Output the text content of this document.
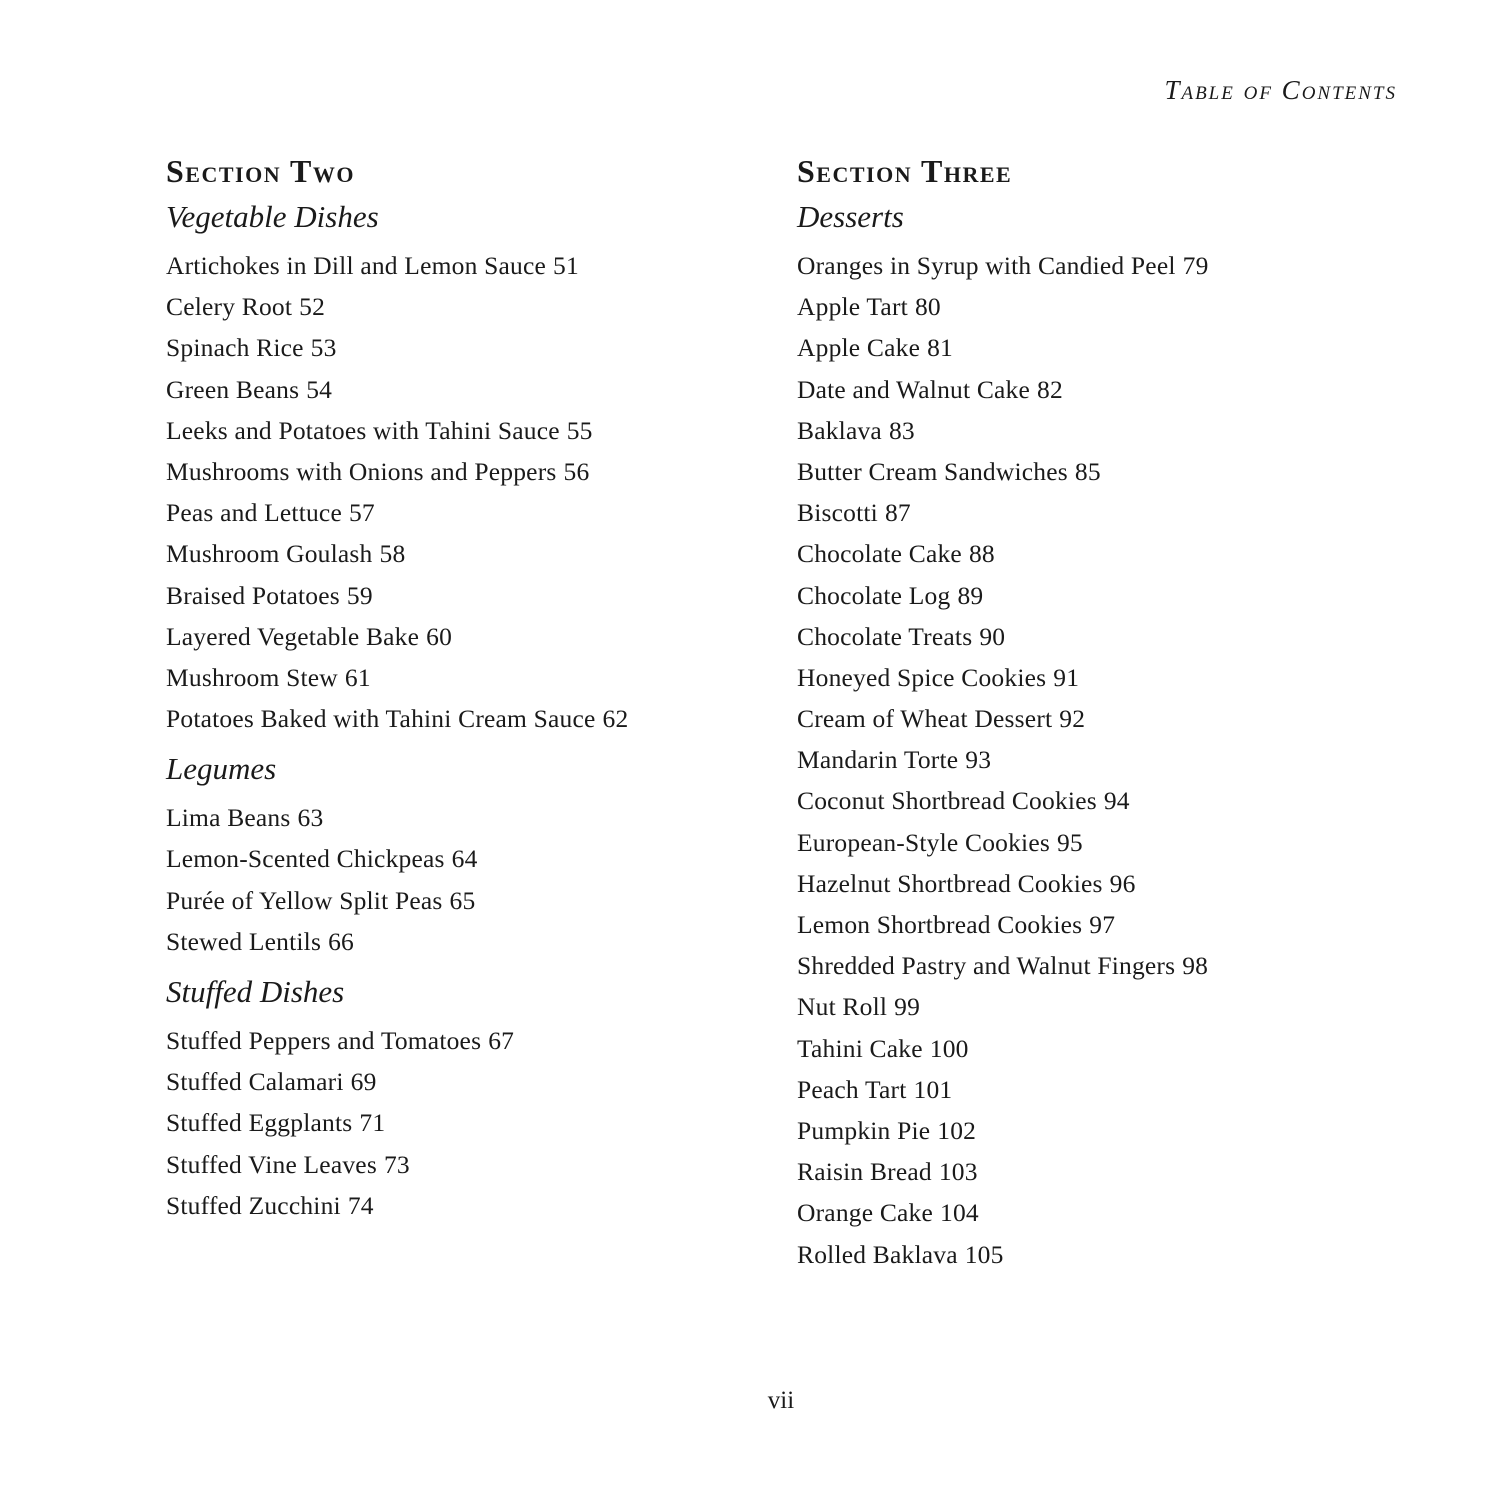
Table of Contents
Section Two
Vegetable Dishes
Artichokes in Dill and Lemon Sauce 51
Celery Root 52
Spinach Rice 53
Green Beans 54
Leeks and Potatoes with Tahini Sauce 55
Mushrooms with Onions and Peppers 56
Peas and Lettuce 57
Mushroom Goulash 58
Braised Potatoes 59
Layered Vegetable Bake 60
Mushroom Stew 61
Potatoes Baked with Tahini Cream Sauce 62
Legumes
Lima Beans 63
Lemon-Scented Chickpeas 64
Purée of Yellow Split Peas 65
Stewed Lentils 66
Stuffed Dishes
Stuffed Peppers and Tomatoes 67
Stuffed Calamari 69
Stuffed Eggplants 71
Stuffed Vine Leaves 73
Stuffed Zucchini 74
Section Three
Desserts
Oranges in Syrup with Candied Peel 79
Apple Tart 80
Apple Cake 81
Date and Walnut Cake 82
Baklava 83
Butter Cream Sandwiches 85
Biscotti 87
Chocolate Cake 88
Chocolate Log 89
Chocolate Treats 90
Honeyed Spice Cookies 91
Cream of Wheat Dessert 92
Mandarin Torte 93
Coconut Shortbread Cookies 94
European-Style Cookies 95
Hazelnut Shortbread Cookies 96
Lemon Shortbread Cookies 97
Shredded Pastry and Walnut Fingers 98
Nut Roll 99
Tahini Cake 100
Peach Tart 101
Pumpkin Pie 102
Raisin Bread 103
Orange Cake 104
Rolled Baklava 105
vii
